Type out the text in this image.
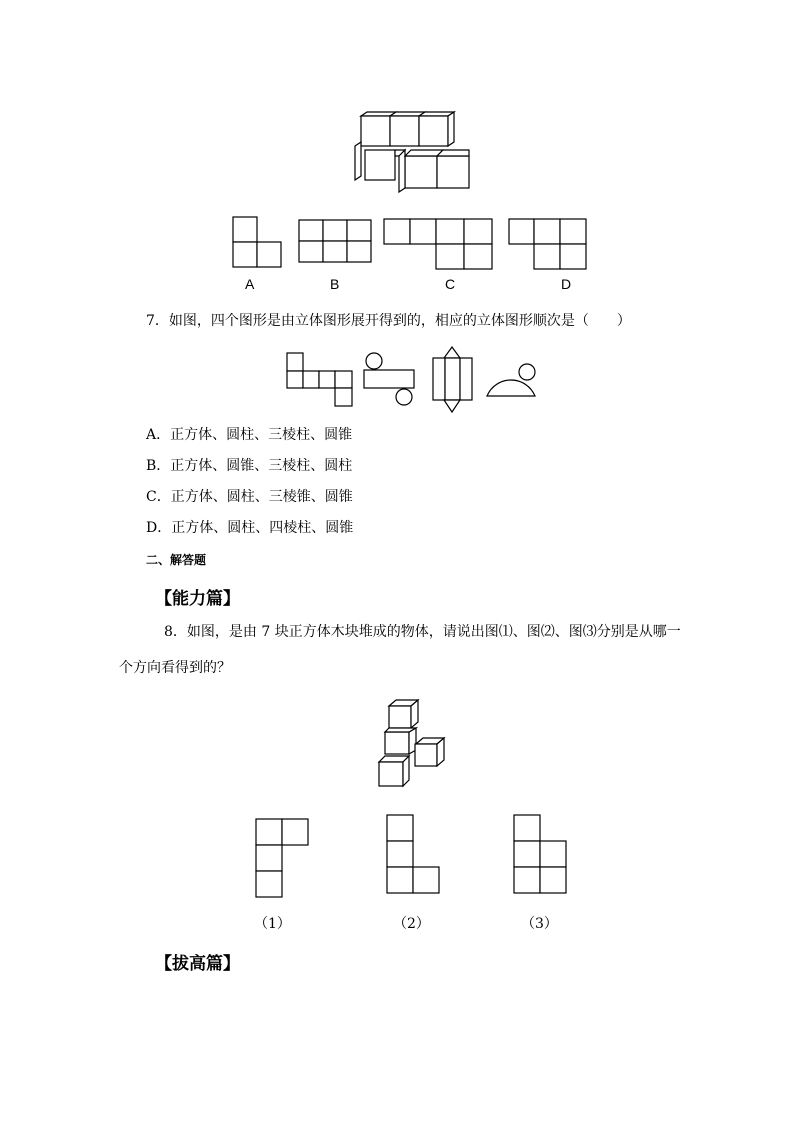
A	B	C	D
7．如图，四个图形是由立体图形展开得到的，相应的立体图形顺次是（　　）
A．正方体、圆柱、三棱柱、圆锥
B．正方体、圆锥、三棱柱、圆柱
C．正方体、圆柱、三棱锥、圆锥
D．正方体、圆柱、四棱柱、圆锥
二、解答题
【能力篇】
8．如图，是由 7 块正方体木块堆成的物体，请说出图⑴、图⑵、图⑶分别是从哪一
个方向看得到的？
（1）	（2）	（3）
【拔高篇】
